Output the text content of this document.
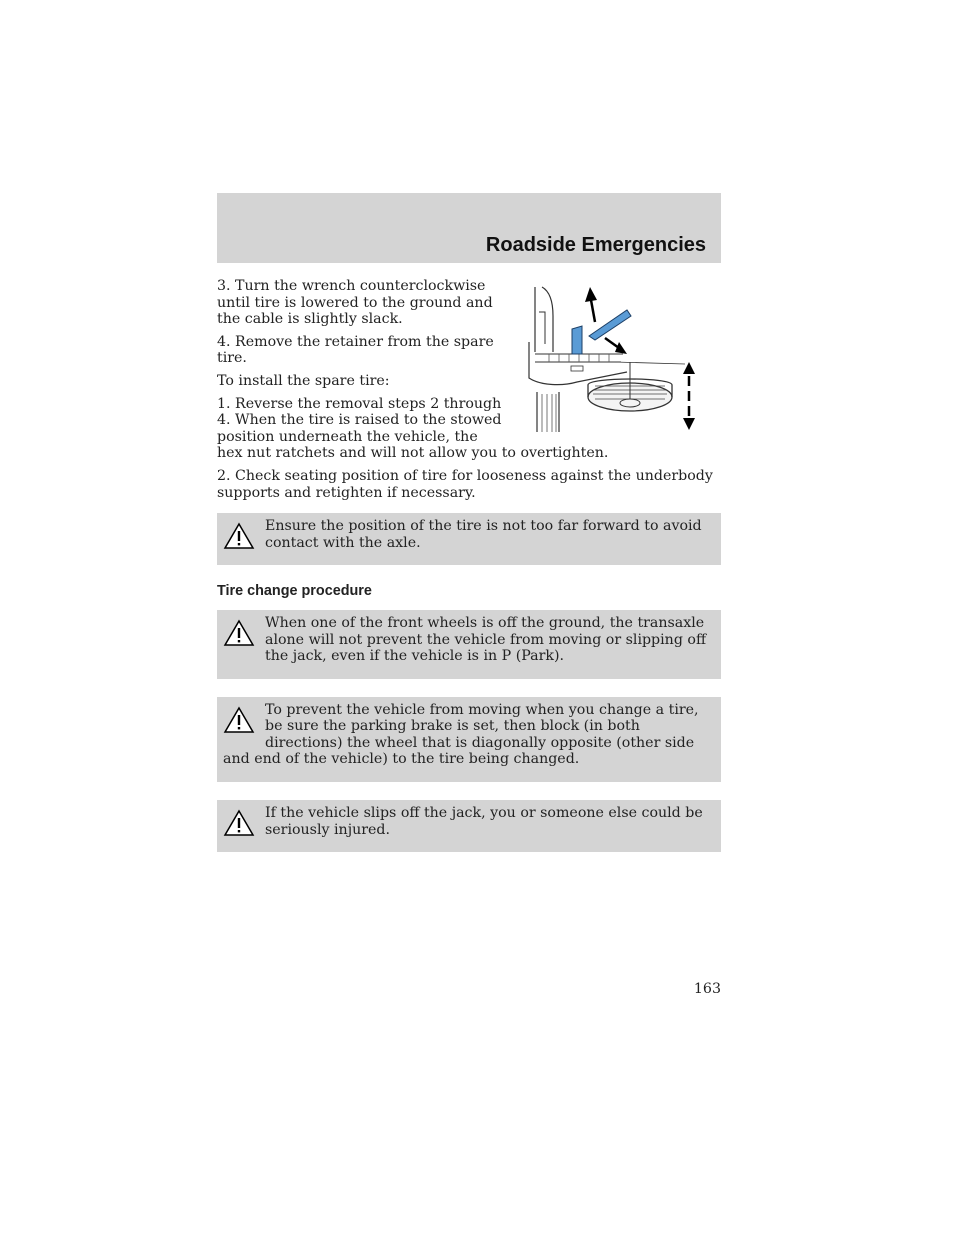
Roadside Emergencies

3. Turn the wrench counterclockwise until tire is lowered to the ground and the cable is slightly slack.

4. Remove the retainer from the spare tire.

To install the spare tire:

1. Reverse the removal steps 2 through 4. When the tire is raised to the stowed position underneath the vehicle, the hex nut ratchets and will not allow you to overtighten.

2. Check seating position of tire for looseness against the underbody supports and retighten if necessary.

Ensure the position of the tire is not too far forward to avoid contact with the axle.

Tire change procedure

When one of the front wheels is off the ground, the transaxle alone will not prevent the vehicle from moving or slipping off the jack, even if the vehicle is in P (Park).

To prevent the vehicle from moving when you change a tire, be sure the parking brake is set, then block (in both directions) the wheel that is diagonally opposite (other side and end of the vehicle) to the tire being changed.

If the vehicle slips off the jack, you or someone else could be seriously injured.

163
